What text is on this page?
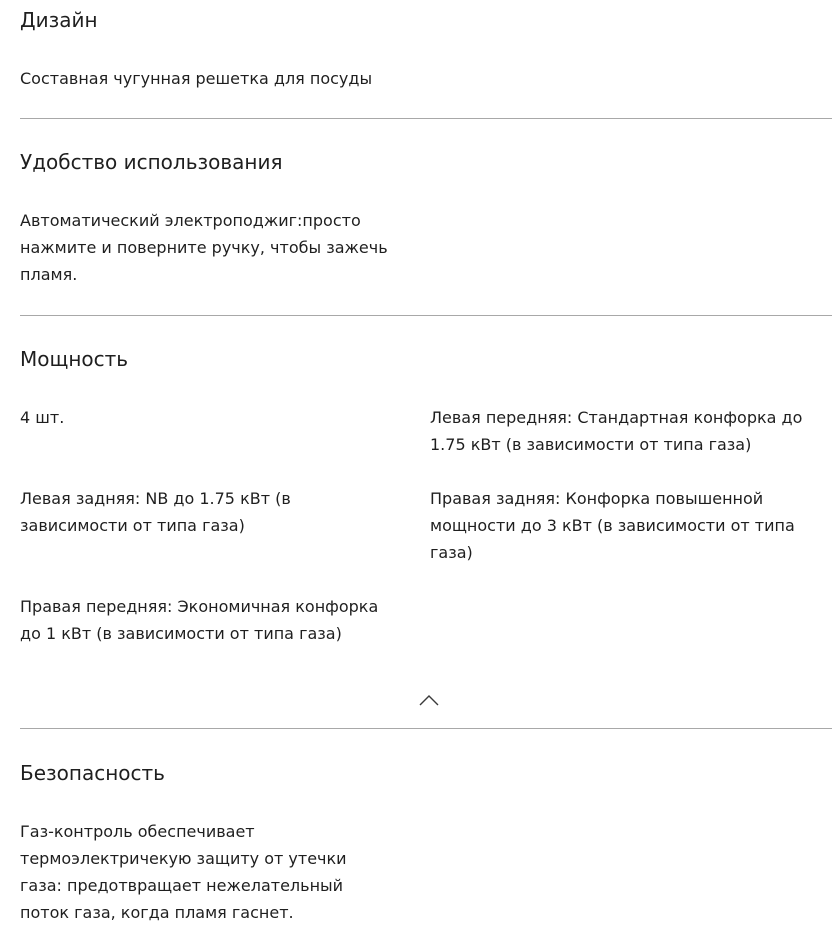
Дизайн
Составная чугунная решетка для посуды
Удобство использования
Автоматический электроподжиг:просто нажмите и поверните ручку, чтобы зажечь пламя.
Мощность
4 шт.	Левая передняя: Стандартная конфорка до 1.75 кВт (в зависимости от типа газа)
Левая задняя: NB до 1.75 кВт (в зависимости от типа газа)
Правая задняя: Конфорка повышенной мощности до 3 кВт (в зависимости от типа газа)
Правая передняя: Экономичная конфорка до 1 кВт (в зависимости от типа газа)
Безопасность
Газ-контроль обеспечивает термоэлектричекую защиту от утечки газа: предотвращает нежелательный поток газа, когда пламя гаснет.
